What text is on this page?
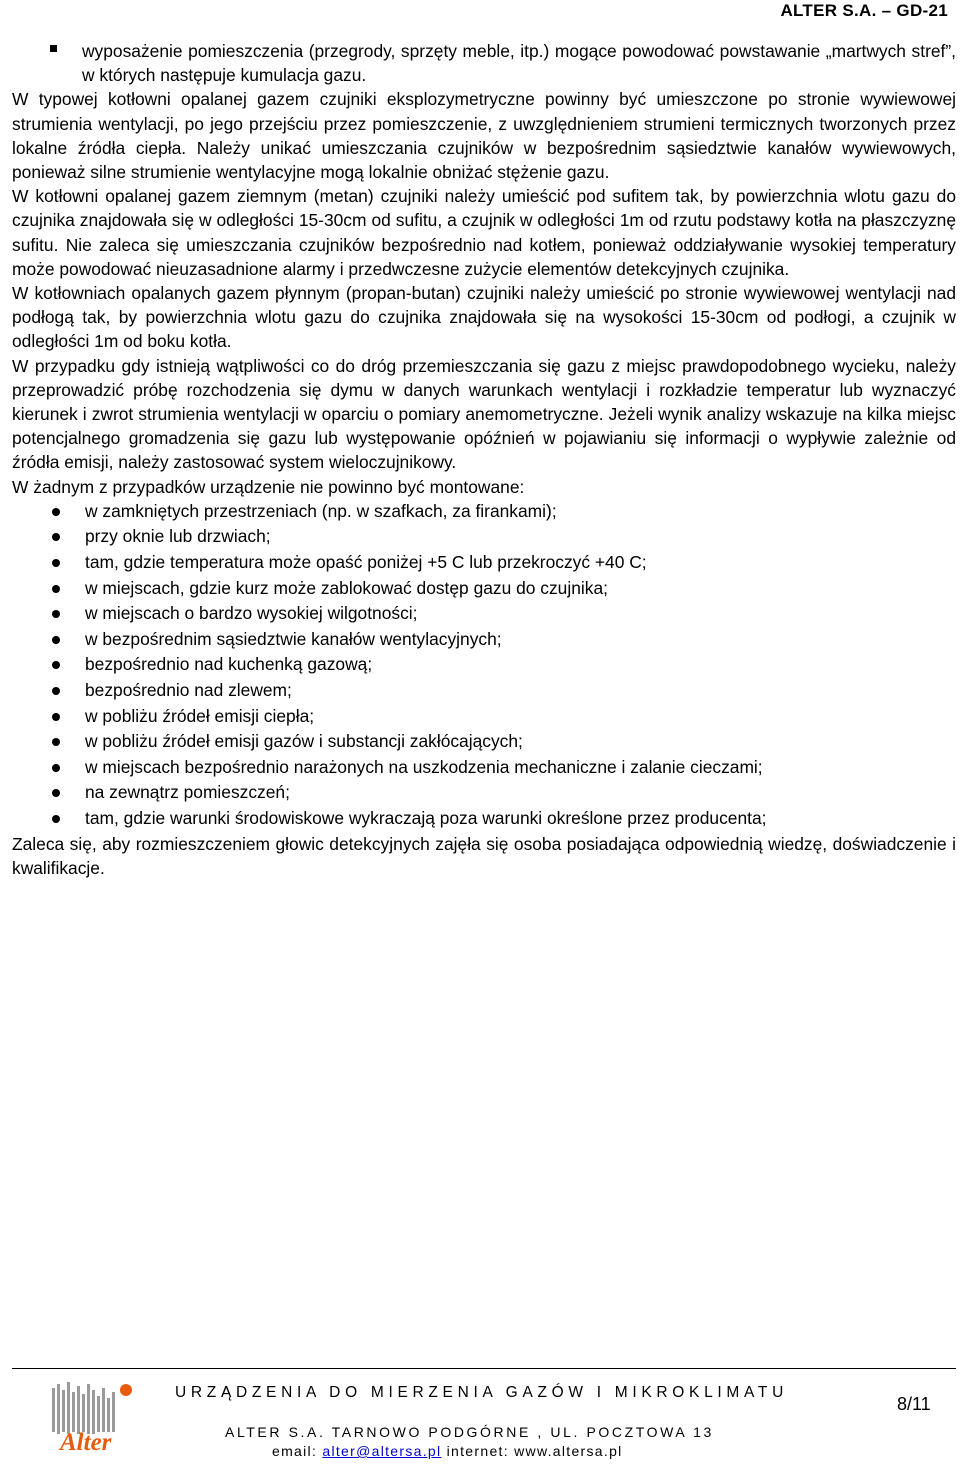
ALTER S.A. – GD-21
wyposażenie pomieszczenia (przegrody, sprzęty meble, itp.) mogące powodować powstawanie „martwych stref”, w których następuje kumulacja gazu.

W typowej kotłowni opalanej gazem czujniki eksplozymetryczne powinny być umieszczone po stronie wywiewowej strumienia wentylacji, po jego przejściu przez pomieszczenie, z uwzględnieniem strumieni termicznych tworzonych przez lokalne źródła ciepła. Należy unikać umieszczania czujników w bezpośrednim sąsiedztwie kanałów wywiewowych, ponieważ silne strumienie wentylacyjne mogą lokalnie obniżać stężenie gazu.

W kotłowni opalanej gazem ziemnym (metan) czujniki należy umieścić pod sufitem tak, by powierzchnia wlotu gazu do czujnika znajdowała się w odległości 15-30cm od sufitu, a czujnik w odległości 1m od rzutu podstawy kotła na płaszczyznę sufitu. Nie zaleca się umieszczania czujników bezpośrednio nad kotłem, ponieważ oddziaływanie wysokiej temperatury może powodować nieuzasadnione alarmy i przedwczesne zużycie elementów detekcyjnych czujnika.

W kotłowniach opalanych gazem płynnym (propan-butan) czujniki należy umieścić po stronie wywiewowej wentylacji nad podłogą tak, by powierzchnia wlotu gazu do czujnika znajdowała się na wysokości 15-30cm od podłogi, a czujnik w odległości 1m od boku kotła.

W przypadku gdy istnieją wątpliwości co do dróg przemieszczania się gazu z miejsc prawdopodobnego wycieku, należy przeprowadzić próbę rozchodzenia się dymu w danych warunkach wentylacji i rozkładzie temperatur lub wyznaczyć kierunek i zwrot strumienia wentylacji w oparciu o pomiary anemometryczne. Jeżeli wynik analizy wskazuje na kilka miejsc potencjalnego gromadzenia się gazu lub występowanie opóźnień w pojawianiu się informacji o wypływie zależnie od źródła emisji, należy zastosować system wieloczujnikowy.

W żadnym z przypadków urządzenie nie powinno być montowane:

w zamkniętych przestrzeniach (np. w szafkach, za firankami);
przy oknie lub drzwiach;
tam, gdzie temperatura może opaść poniżej +5 C lub przekroczyć +40 C;
w miejscach, gdzie kurz może zablokować dostęp gazu do czujnika;
w miejscach o bardzo wysokiej wilgotności;
w bezpośrednim sąsiedztwie kanałów wentylacyjnych;
bezpośrednio nad kuchenką gazową;
bezpośrednio nad zlewem;
w pobliżu źródeł emisji ciepła;
w pobliżu źródeł emisji gazów i substancji zakłócających;
w miejscach bezpośrednio narażonych na uszkodzenia mechaniczne i zalanie cieczami;
na zewnątrz pomieszczeń;
tam, gdzie warunki środowiskowe wykraczają poza warunki określone przez producenta;

Zaleca się, aby rozmieszczeniem głowic detekcyjnych zajęła się osoba posiadająca odpowiednią wiedzę, doświadczenie i kwalifikacje.

Alter
URZĄDZENIA DO MIERZENIA GAZÓW I MIKROKLIMATU
ALTER S.A. TARNOWO PODGÓRNE , UL. POCZTOWA 13
email: alter@altersa.pl internet: www.altersa.pl
8/11
